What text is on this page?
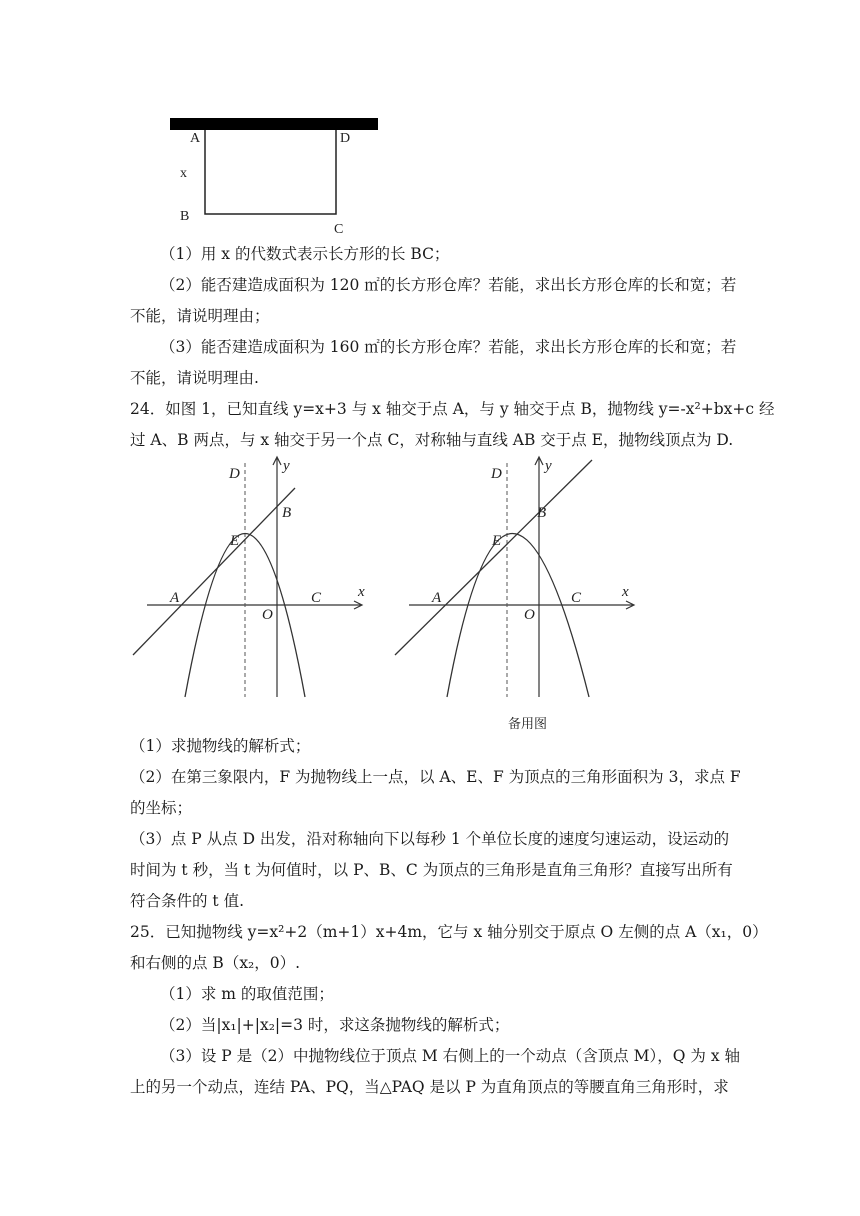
A	D
x
B
C
（1）用 x 的代数式表示长方形的长 BC；
（2）能否建造成面积为 120 ㎡的长方形仓库？若能，求出长方形仓库的长和宽；若
不能，请说明理由；
（3）能否建造成面积为 160 ㎡的长方形仓库？若能，求出长方形仓库的长和宽；若
不能，请说明理由.
24．如图 1，已知直线 y=x+3 与 x 轴交于点 A，与 y 轴交于点 B，抛物线 y=-x²+bx+c 经
过 A、B 两点，与 x 轴交于另一个点 C，对称轴与直线 AB 交于点 E，抛物线顶点为 D.
D	y
B
E
A
O
C x
D	y
B
E
A
O
C	x
备用图
（1）求抛物线的解析式；
（2）在第三象限内，F 为抛物线上一点，以 A、E、F 为顶点的三角形面积为 3，求点 F
的坐标；
（3）点 P 从点 D 出发，沿对称轴向下以每秒 1 个单位长度的速度匀速运动，设运动的
时间为 t 秒，当 t 为何值时，以 P、B、C 为顶点的三角形是直角三角形？直接写出所有
符合条件的 t 值.
25．已知抛物线 y=x²+2（m+1）x+4m，它与 x 轴分别交于原点 O 左侧的点 A（x₁，0）
和右侧的点 B（x₂，0）.
（1）求 m 的取值范围；
（2）当|x₁|+|x₂|=3 时，求这条抛物线的解析式；
（3）设 P 是（2）中抛物线位于顶点 M 右侧上的一个动点（含顶点 M），Q 为 x 轴
上的另一个动点，连结 PA、PQ，当△PAQ 是以 P 为直角顶点的等腰直角三角形时，求
